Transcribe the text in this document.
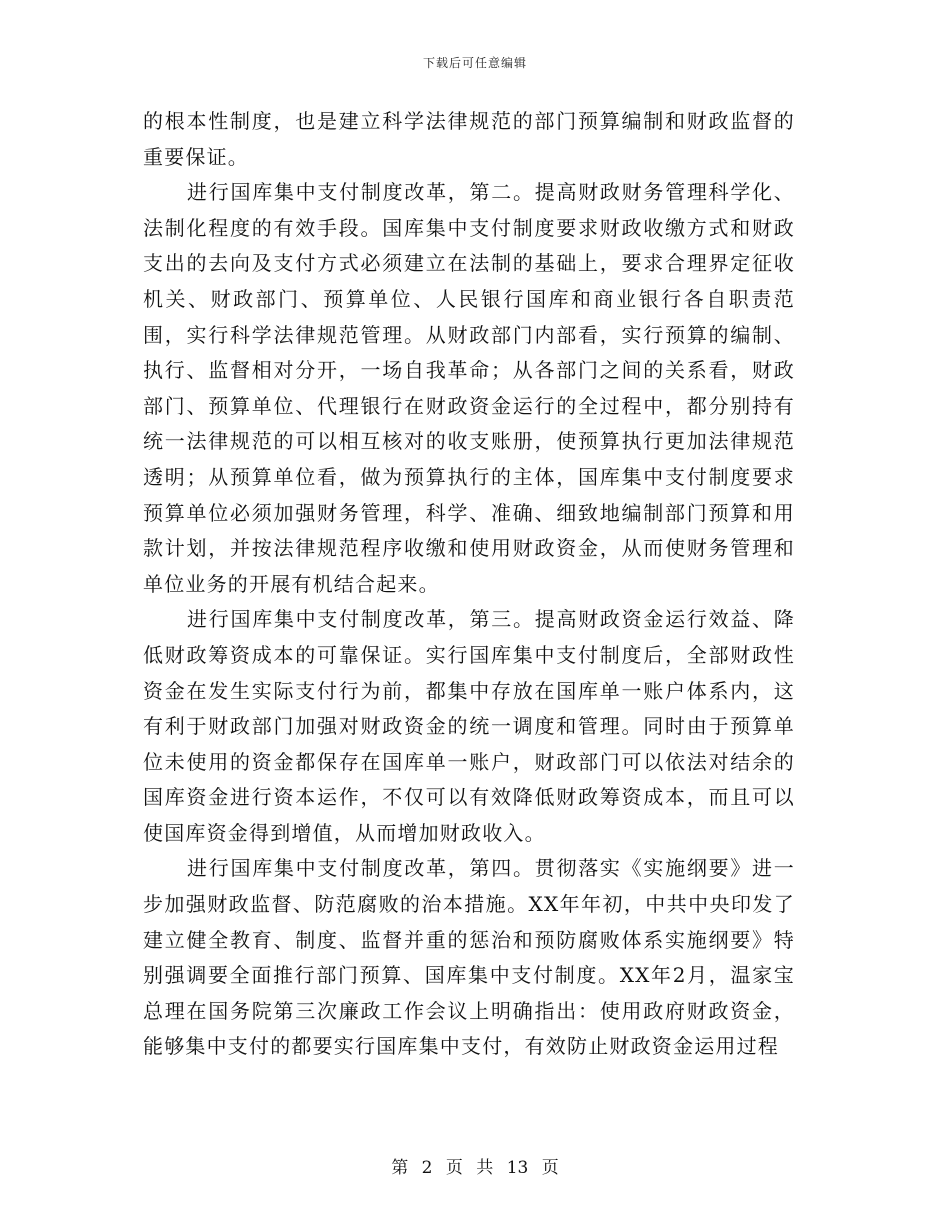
下载后可任意编辑

的根本性制度，也是建立科学法律规范的部门预算编制和财政监督的重要保证。

进行国库集中支付制度改革，第二。提高财政财务管理科学化、法制化程度的有效手段。国库集中支付制度要求财政收缴方式和财政支出的去向及支付方式必须建立在法制的基础上，要求合理界定征收机关、财政部门、预算单位、人民银行国库和商业银行各自职责范围，实行科学法律规范管理。从财政部门内部看，实行预算的编制、执行、监督相对分开，一场自我革命；从各部门之间的关系看，财政部门、预算单位、代理银行在财政资金运行的全过程中，都分别持有统一法律规范的可以相互核对的收支账册，使预算执行更加法律规范透明；从预算单位看，做为预算执行的主体，国库集中支付制度要求预算单位必须加强财务管理，科学、准确、细致地编制部门预算和用款计划，并按法律规范程序收缴和使用财政资金，从而使财务管理和单位业务的开展有机结合起来。

进行国库集中支付制度改革，第三。提高财政资金运行效益、降低财政筹资成本的可靠保证。实行国库集中支付制度后，全部财政性资金在发生实际支付行为前，都集中存放在国库单一账户体系内，这有利于财政部门加强对财政资金的统一调度和管理。同时由于预算单位未使用的资金都保存在国库单一账户，财政部门可以依法对结余的国库资金进行资本运作，不仅可以有效降低财政筹资成本，而且可以使国库资金得到增值，从而增加财政收入。

进行国库集中支付制度改革，第四。贯彻落实《实施纲要》进一步加强财政监督、防范腐败的治本措施。XX年年初，中共中央印发了建立健全教育、制度、监督并重的惩治和预防腐败体系实施纲要》特别强调要全面推行部门预算、国库集中支付制度。XX年2月，温家宝总理在国务院第三次廉政工作会议上明确指出：使用政府财政资金，能够集中支付的都要实行国库集中支付，有效防止财政资金运用过程

第 2 页 共 13 页
